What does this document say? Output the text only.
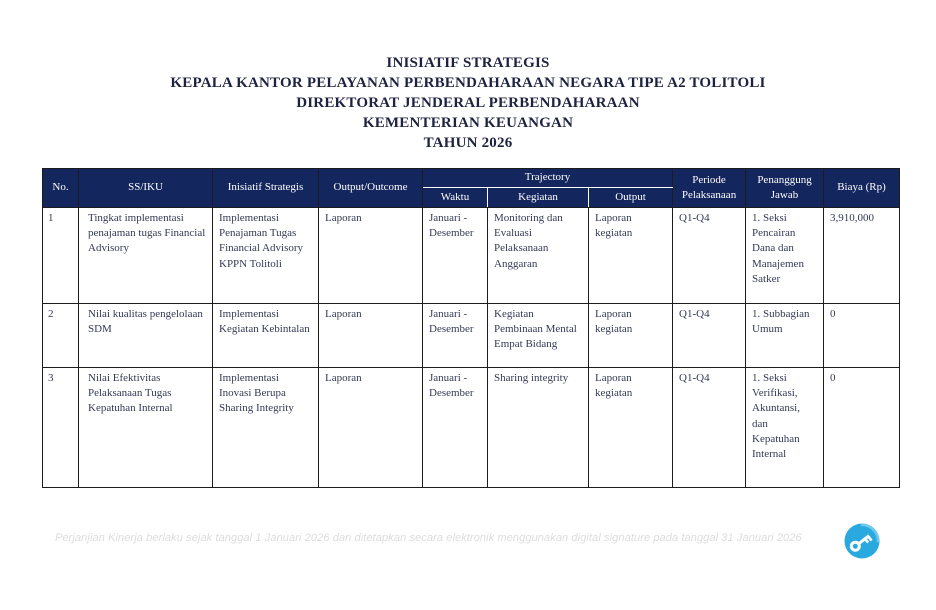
INISIATIF STRATEGIS
KEPALA KANTOR PELAYANAN PERBENDAHARAAN NEGARA TIPE A2 TOLITOLI
DIREKTORAT JENDERAL PERBENDAHARAAN
KEMENTERIAN KEUANGAN
TAHUN 2026
No.	SS/IKU	Inisiatif Strategis	Output/Outcome	Trajectory			Periode Pelaksanaan	Penanggung Jawab	Biaya (Rp)
				Waktu	Kegiatan	Output			
1	Tingkat implementasi penajaman tugas Financial Advisory	Implementasi Penajaman Tugas Financial Advisory KPPN Tolitoli	Laporan	Januari - Desember	Monitoring dan Evaluasi Pelaksanaan Anggaran	Laporan kegiatan	Q1-Q4	1. Seksi Pencairan Dana dan Manajemen Satker	3,910,000
2	Nilai kualitas pengelolaan SDM	Implementasi Kegiatan Kebintalan	Laporan	Januari - Desember	Kegiatan Pembinaan Mental Empat Bidang	Laporan kegiatan	Q1-Q4	1. Subbagian Umum	0
3	Nilai Efektivitas Pelaksanaan Tugas Kepatuhan Internal	Implementasi Inovasi Berupa Sharing Integrity	Laporan	Januari - Desember	Sharing integrity	Laporan kegiatan	Q1-Q4	1. Seksi Verifikasi, Akuntansi, dan Kepatuhan Internal	0
Perjanjian Kinerja berlaku sejak tanggal 1 Januari 2026 dan ditetapkan secara elektronik menggunakan digital signature pada tanggal 31 Januari 2026
